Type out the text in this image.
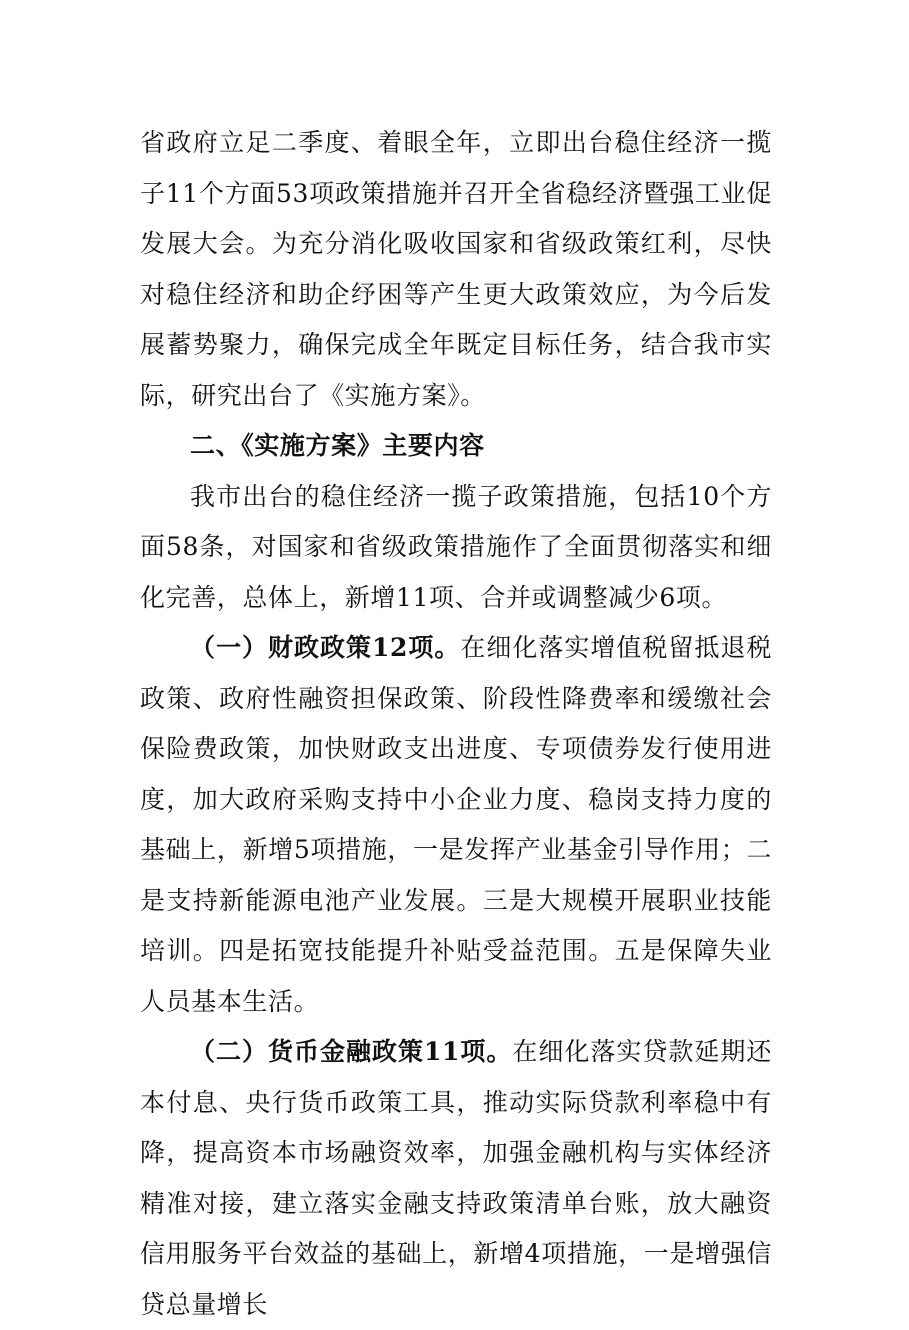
省政府立足二季度、着眼全年，立即出台稳住经济一揽子11个方面53项政策措施并召开全省稳经济暨强工业促发展大会。为充分消化吸收国家和省级政策红利，尽快对稳住经济和助企纾困等产生更大政策效应，为今后发展蓄势聚力，确保完成全年既定目标任务，结合我市实际，研究出台了《实施方案》。

二、《实施方案》主要内容

我市出台的稳住经济一揽子政策措施，包括10个方面58条，对国家和省级政策措施作了全面贯彻落实和细化完善，总体上，新增11项、合并或调整减少6项。

（一）财政政策12项。在细化落实增值税留抵退税政策、政府性融资担保政策、阶段性降费率和缓缴社会保险费政策，加快财政支出进度、专项债券发行使用进度，加大政府采购支持中小企业力度、稳岗支持力度的基础上，新增5项措施，一是发挥产业基金引导作用；二是支持新能源电池产业发展。三是大规模开展职业技能培训。四是拓宽技能提升补贴受益范围。五是保障失业人员基本生活。

（二）货币金融政策11项。在细化落实贷款延期还本付息、央行货币政策工具，推动实际贷款利率稳中有降，提高资本市场融资效率，加强金融机构与实体经济精准对接，建立落实金融支持政策清单台账，放大融资信用服务平台效益的基础上，新增4项措施，一是增强信贷总量增长
